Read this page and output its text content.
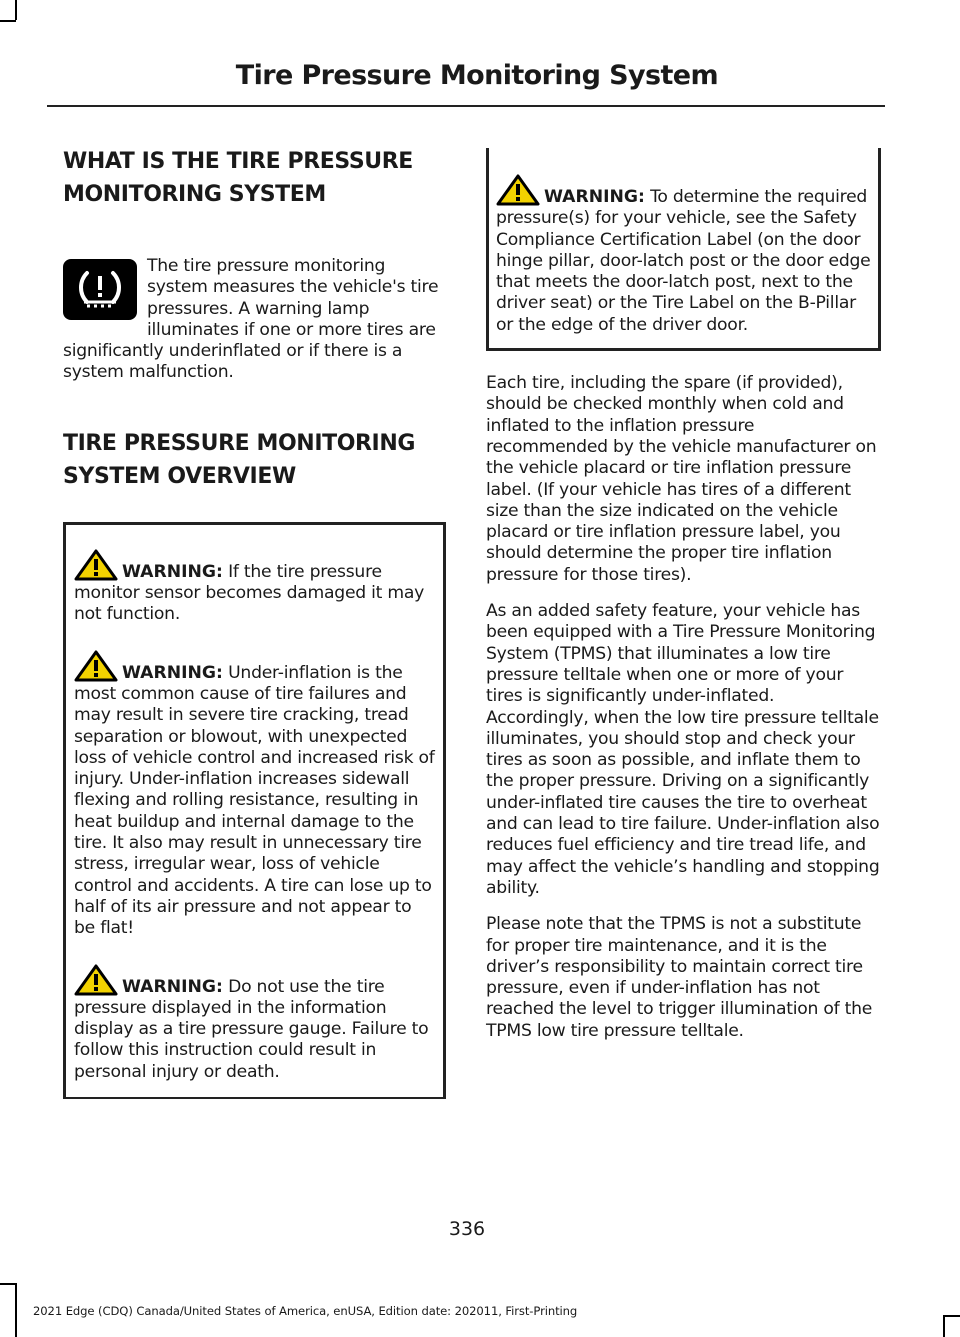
Tire Pressure Monitoring System
WHAT IS THE TIRE PRESSURE MONITORING SYSTEM

The tire pressure monitoring system measures the vehicle's tire pressures. A warning lamp illuminates if one or more tires are significantly underinflated or if there is a system malfunction.

TIRE PRESSURE MONITORING SYSTEM OVERVIEW

WARNING: If the tire pressure monitor sensor becomes damaged it may not function.

WARNING: Under-inflation is the most common cause of tire failures and may result in severe tire cracking, tread separation or blowout, with unexpected loss of vehicle control and increased risk of injury. Under-inflation increases sidewall flexing and rolling resistance, resulting in heat buildup and internal damage to the tire. It also may result in unnecessary tire stress, irregular wear, loss of vehicle control and accidents. A tire can lose up to half of its air pressure and not appear to be flat!

WARNING: Do not use the tire pressure displayed in the information display as a tire pressure gauge. Failure to follow this instruction could result in personal injury or death.

WARNING: To determine the required pressure(s) for your vehicle, see the Safety Compliance Certification Label (on the door hinge pillar, door-latch post or the door edge that meets the door-latch post, next to the driver seat) or the Tire Label on the B-Pillar or the edge of the driver door.

Each tire, including the spare (if provided), should be checked monthly when cold and inflated to the inflation pressure recommended by the vehicle manufacturer on the vehicle placard or tire inflation pressure label. (If your vehicle has tires of a different size than the size indicated on the vehicle placard or tire inflation pressure label, you should determine the proper tire inflation pressure for those tires).

As an added safety feature, your vehicle has been equipped with a Tire Pressure Monitoring System (TPMS) that illuminates a low tire pressure telltale when one or more of your tires is significantly under-inflated. Accordingly, when the low tire pressure telltale illuminates, you should stop and check your tires as soon as possible, and inflate them to the proper pressure. Driving on a significantly under-inflated tire causes the tire to overheat and can lead to tire failure. Under-inflation also reduces fuel efficiency and tire tread life, and may affect the vehicle’s handling and stopping ability.

Please note that the TPMS is not a substitute for proper tire maintenance, and it is the driver’s responsibility to maintain correct tire pressure, even if under-inflation has not reached the level to trigger illumination of the TPMS low tire pressure telltale.

336
2021 Edge (CDQ) Canada/United States of America, enUSA, Edition date: 202011, First-Printing
